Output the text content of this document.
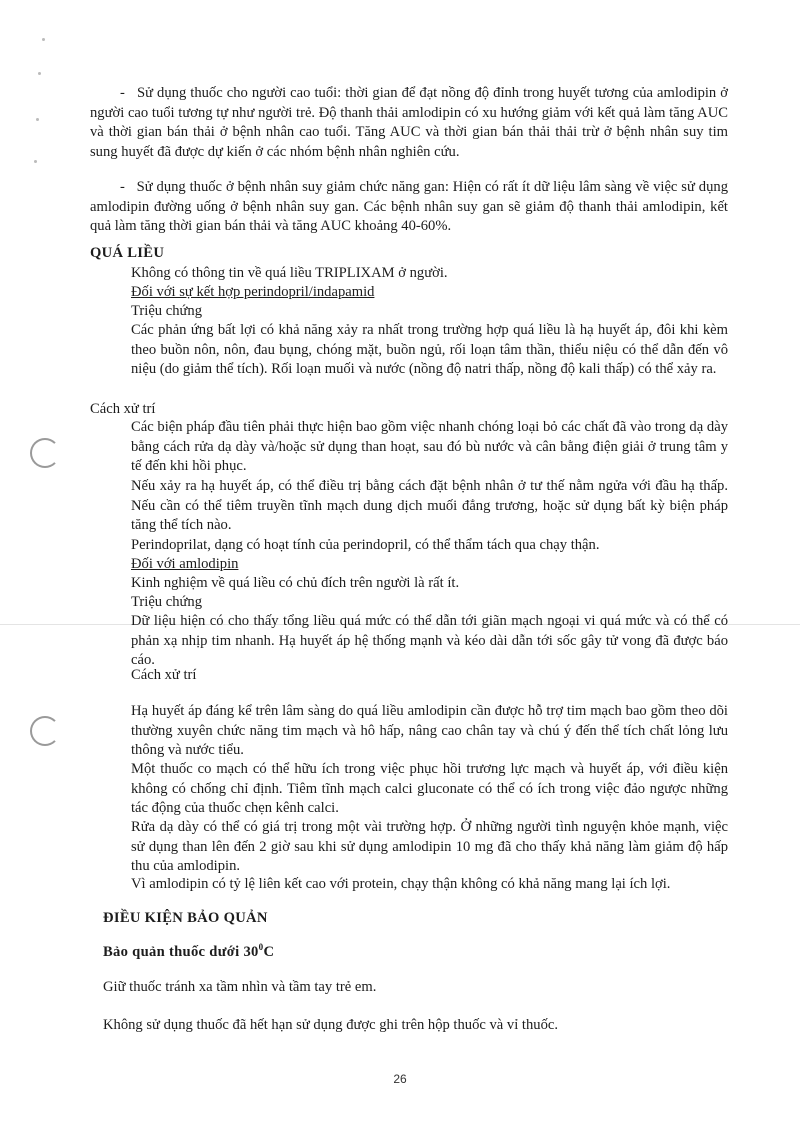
-   Sử dụng thuốc cho người cao tuổi: thời gian để đạt nồng độ đỉnh trong huyết tương của amlodipin ở người cao tuổi tương tự như người trẻ. Độ thanh thải amlodipin có xu hướng giảm với kết quả làm tăng AUC và thời gian bán thải ở bệnh nhân cao tuổi. Tăng AUC và thời gian bán thải thải trừ ở bệnh nhân suy tim sung huyết đã được dự kiến ở các nhóm bệnh nhân nghiên cứu.

-   Sử dụng thuốc ở bệnh nhân suy giảm chức năng gan: Hiện có rất ít dữ liệu lâm sàng về việc sử dụng amlodipin đường uống ở bệnh nhân suy gan. Các bệnh nhân suy gan sẽ giảm độ thanh thải amlodipin, kết quả làm tăng thời gian bán thải và tăng AUC khoảng 40-60%.

QUÁ LIỀU

Không có thông tin về quá liều TRIPLIXAM ở người.

Đối với sự kết hợp perindopril/indapamid

Triệu chứng

Các phản ứng bất lợi có khả năng xảy ra nhất trong trường hợp quá liều là hạ huyết áp, đôi khi kèm theo buồn nôn, nôn, đau bụng, chóng mặt, buồn ngủ, rối loạn tâm thần, thiểu niệu có thể dẫn đến vô niệu (do giảm thể tích). Rối loạn muối và nước (nồng độ natri thấp, nồng độ kali thấp) có thể xảy ra.

Cách xử trí

Các biện pháp đầu tiên phải thực hiện bao gồm việc nhanh chóng loại bỏ các chất đã vào trong dạ dày bằng cách rửa dạ dày và/hoặc sử dụng than hoạt, sau đó bù nước và cân bằng điện giải ở trung tâm y tế đến khi hồi phục.

Nếu xảy ra hạ huyết áp, có thể điều trị bằng cách đặt bệnh nhân ở tư thế nằm ngửa với đầu hạ thấp. Nếu cần có thể tiêm truyền tĩnh mạch dung dịch muối đẳng trương, hoặc sử dụng bất kỳ biện pháp tăng thể tích nào.

Perindoprilat, dạng có hoạt tính của perindopril, có thể thẩm tách qua chạy thận.

Đối với amlodipin

Kinh nghiệm về quá liều có chủ đích trên người là rất ít.

Triệu chứng

Dữ liệu hiện có cho thấy tổng liều quá mức có thể dẫn tới giãn mạch ngoại vi quá mức và có thể có phản xạ nhịp tim nhanh. Hạ huyết áp hệ thống mạnh và kéo dài dẫn tới sốc gây tử vong đã được báo cáo.

Cách xử trí

Hạ huyết áp đáng kể trên lâm sàng do quá liều amlodipin cần được hỗ trợ tim mạch bao gồm theo dõi thường xuyên chức năng tim mạch và hô hấp, nâng cao chân tay và chú ý đến thể tích chất lỏng lưu thông và nước tiểu.

Một thuốc co mạch có thể hữu ích trong việc phục hồi trương lực mạch và huyết áp, với điều kiện không có chống chỉ định. Tiêm tĩnh mạch calci gluconate có thể có ích trong việc đảo ngược những tác động của thuốc chẹn kênh calci.

Rửa dạ dày có thể có giá trị trong một vài trường hợp. Ở những người tình nguyện khỏe mạnh, việc sử dụng than lên đến 2 giờ sau khi sử dụng amlodipin 10 mg đã cho thấy khả năng làm giảm độ hấp thu của amlodipin.

Vì amlodipin có tỷ lệ liên kết cao với protein, chạy thận không có khả năng mang lại ích lợi.

ĐIỀU KIỆN BẢO QUẢN

Bảo quản thuốc dưới $30^0C$

Giữ thuốc tránh xa tầm nhìn và tầm tay trẻ em.

Không sử dụng thuốc đã hết hạn sử dụng được ghi trên hộp thuốc và vỉ thuốc.

26
